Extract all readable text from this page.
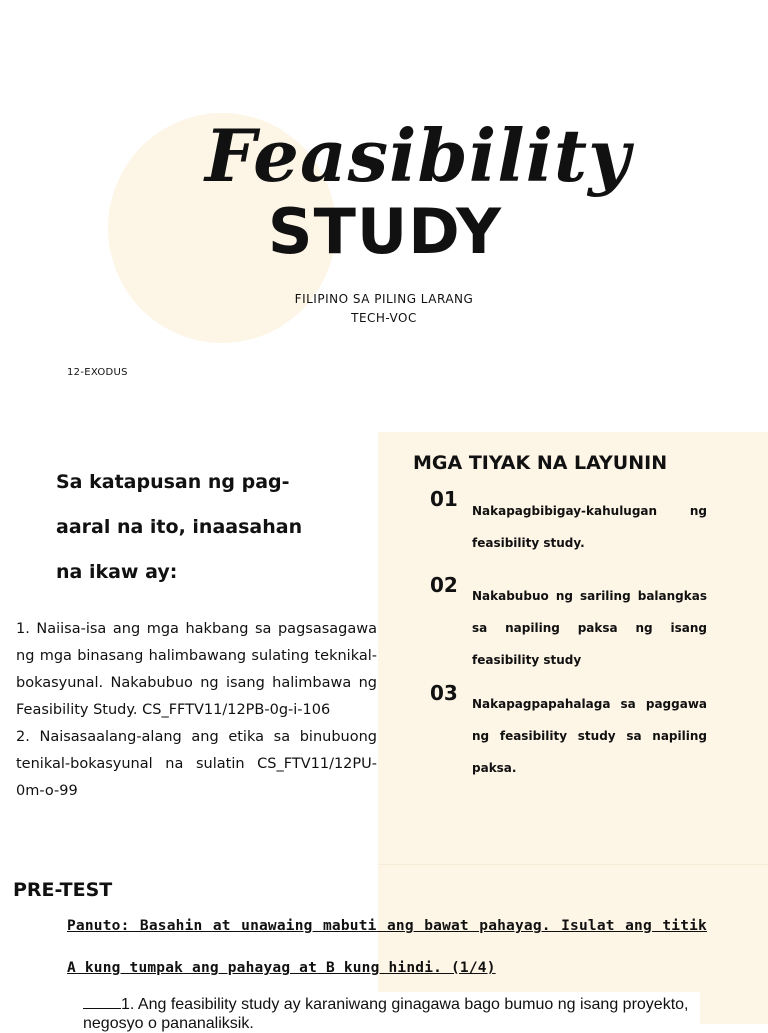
Feasibility
STUDY
FILIPINO SA PILING LARANG
TECH-VOC
12-EXODUS
Sa katapusan ng pag-aaral na ito, inaasahan na ikaw ay:

1. Naiisa-isa ang mga hakbang sa pagsasagawa ng mga binasang halimbawang sulating teknikal-bokasyunal. Nakabubuo ng isang halimbawa ng Feasibility Study. CS_FFTV11/12PB-0g-i-106

2. Naisasaalang-alang ang etika sa binubuong tenikal-bokasyunal na sulatin CS_FTV11/12PU-0m-o-99

MGA TIYAK NA LAYUNIN
01 Nakapagbibigay-kahulugan ng feasibility study.
02 Nakabubuo ng sariling balangkas sa napiling paksa ng isang feasibility study
03 Nakapagpapahalaga sa paggawa ng feasibility study sa napiling paksa.
PRE-TEST
Panuto: Basahin at unawaing mabuti ang bawat pahayag. Isulat ang titik A kung tumpak ang pahayag at B kung hindi. (1/4)
1. Ang feasibility study ay karaniwang ginagawa bago bumuo ng isang proyekto, negosyo o pananaliksik.
